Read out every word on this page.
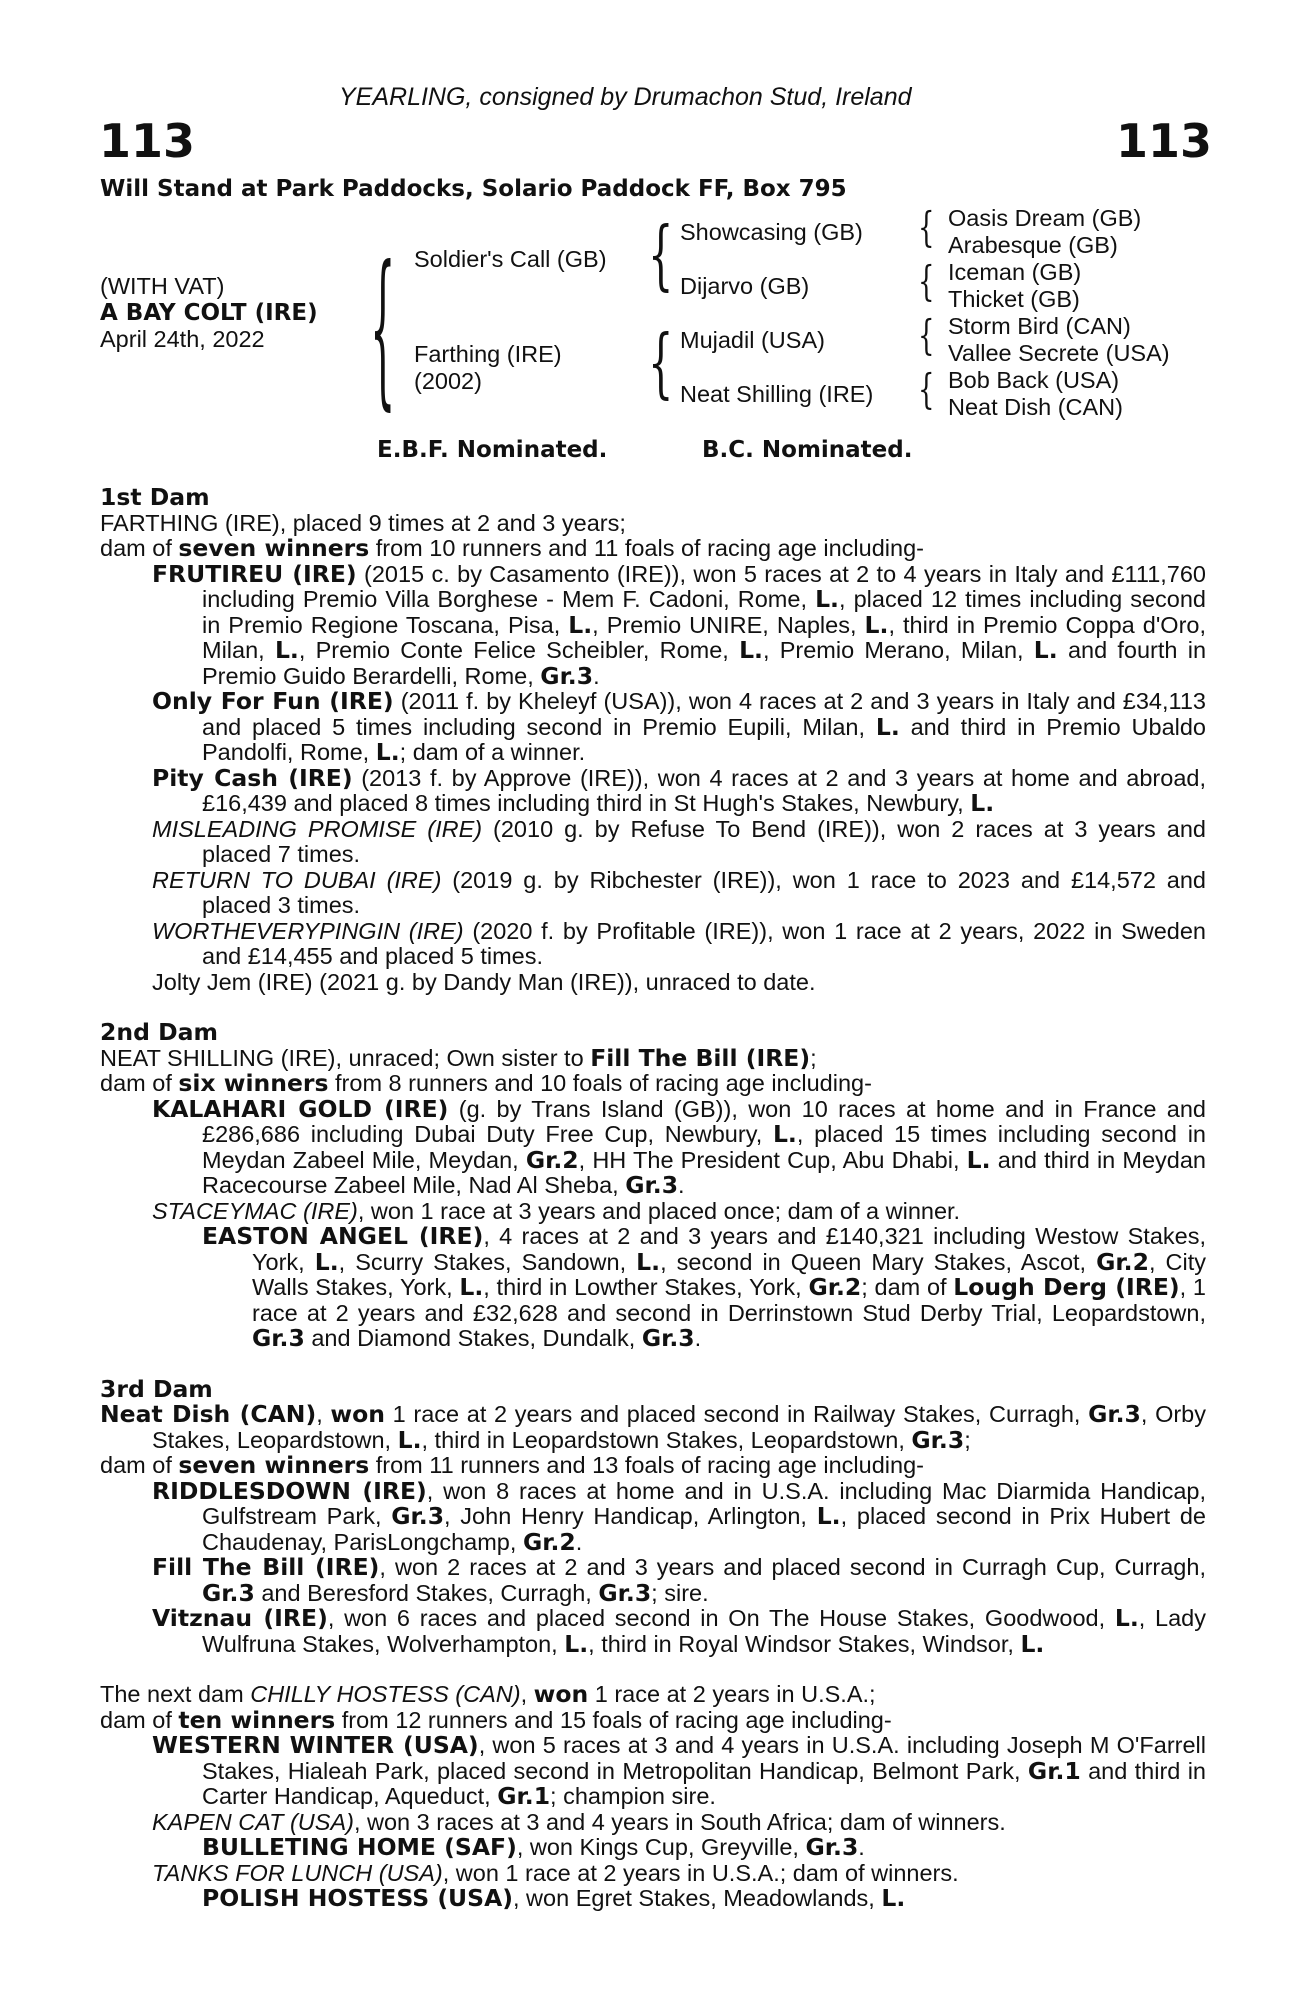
YEARLING, consigned by Drumachon Stud, Ireland
113	113
Will Stand at Park Paddocks, Solario Paddock FF, Box 795
(WITH VAT)
A BAY COLT (IRE)
April 24th, 2022	{	{
{
{
{
{
{
Soldier's Call (GB)
Farthing (IRE)
(2002)
Showcasing (GB)
Dijarvo (GB)
Mujadil (USA)
Neat Shilling (IRE)
Oasis Dream (GB)
Arabesque (GB)
Iceman (GB)
Thicket (GB)
Storm Bird (CAN)
Vallee Secrete (USA)
Bob Back (USA)
Neat Dish (CAN)
E.B.F. Nominated.	B.C. Nominated.

1st Dam

FARTHING (IRE), placed 9 times at 2 and 3 years;

dam of seven winners from 10 runners and 11 foals of racing age including-

FRUTIREU (IRE) (2015 c. by Casamento (IRE)), won 5 races at 2 to 4 years in Italy and £111,760 including Premio Villa Borghese - Mem F. Cadoni, Rome, L., placed 12 times including second in Premio Regione Toscana, Pisa, L., Premio UNIRE, Naples, L., third in Premio Coppa d'Oro, Milan, L., Premio Conte Felice Scheibler, Rome, L., Premio Merano, Milan, L. and fourth in Premio Guido Berardelli, Rome, Gr.3.

Only For Fun (IRE) (2011 f. by Kheleyf (USA)), won 4 races at 2 and 3 years in Italy and £34,113 and placed 5 times including second in Premio Eupili, Milan, L. and third in Premio Ubaldo Pandolfi, Rome, L.; dam of a winner.

Pity Cash (IRE) (2013 f. by Approve (IRE)), won 4 races at 2 and 3 years at home and abroad, £16,439 and placed 8 times including third in St Hugh's Stakes, Newbury, L.

MISLEADING PROMISE (IRE) (2010 g. by Refuse To Bend (IRE)), won 2 races at 3 years and placed 7 times.

RETURN TO DUBAI (IRE) (2019 g. by Ribchester (IRE)), won 1 race to 2023 and £14,572 and placed 3 times.

WORTHEVERYPINGIN (IRE) (2020 f. by Profitable (IRE)), won 1 race at 2 years, 2022 in Sweden and £14,455 and placed 5 times.

Jolty Jem (IRE) (2021 g. by Dandy Man (IRE)), unraced to date.

2nd Dam

NEAT SHILLING (IRE), unraced; Own sister to Fill The Bill (IRE);

dam of six winners from 8 runners and 10 foals of racing age including-

KALAHARI GOLD (IRE) (g. by Trans Island (GB)), won 10 races at home and in France and £286,686 including Dubai Duty Free Cup, Newbury, L., placed 15 times including second in Meydan Zabeel Mile, Meydan, Gr.2, HH The President Cup, Abu Dhabi, L. and third in Meydan Racecourse Zabeel Mile, Nad Al Sheba, Gr.3.

STACEYMAC (IRE), won 1 race at 3 years and placed once; dam of a winner.

EASTON ANGEL (IRE), 4 races at 2 and 3 years and £140,321 including Westow Stakes, York, L., Scurry Stakes, Sandown, L., second in Queen Mary Stakes, Ascot, Gr.2, City Walls Stakes, York, L., third in Lowther Stakes, York, Gr.2; dam of Lough Derg (IRE), 1 race at 2 years and £32,628 and second in Derrinstown Stud Derby Trial, Leopardstown, Gr.3 and Diamond Stakes, Dundalk, Gr.3.

3rd Dam

Neat Dish (CAN), won 1 race at 2 years and placed second in Railway Stakes, Curragh, Gr.3, Orby Stakes, Leopardstown, L., third in Leopardstown Stakes, Leopardstown, Gr.3;

dam of seven winners from 11 runners and 13 foals of racing age including-

RIDDLESDOWN (IRE), won 8 races at home and in U.S.A. including Mac Diarmida Handicap, Gulfstream Park, Gr.3, John Henry Handicap, Arlington, L., placed second in Prix Hubert de Chaudenay, ParisLongchamp, Gr.2.

Fill The Bill (IRE), won 2 races at 2 and 3 years and placed second in Curragh Cup, Curragh, Gr.3 and Beresford Stakes, Curragh, Gr.3; sire.

Vitznau (IRE), won 6 races and placed second in On The House Stakes, Goodwood, L., Lady Wulfruna Stakes, Wolverhampton, L., third in Royal Windsor Stakes, Windsor, L.

The next dam CHILLY HOSTESS (CAN), won 1 race at 2 years in U.S.A.;

dam of ten winners from 12 runners and 15 foals of racing age including-

WESTERN WINTER (USA), won 5 races at 3 and 4 years in U.S.A. including Joseph M O'Farrell Stakes, Hialeah Park, placed second in Metropolitan Handicap, Belmont Park, Gr.1 and third in Carter Handicap, Aqueduct, Gr.1; champion sire.

KAPEN CAT (USA), won 3 races at 3 and 4 years in South Africa; dam of winners.

BULLETING HOME (SAF), won Kings Cup, Greyville, Gr.3.

TANKS FOR LUNCH (USA), won 1 race at 2 years in U.S.A.; dam of winners.

POLISH HOSTESS (USA), won Egret Stakes, Meadowlands, L.
